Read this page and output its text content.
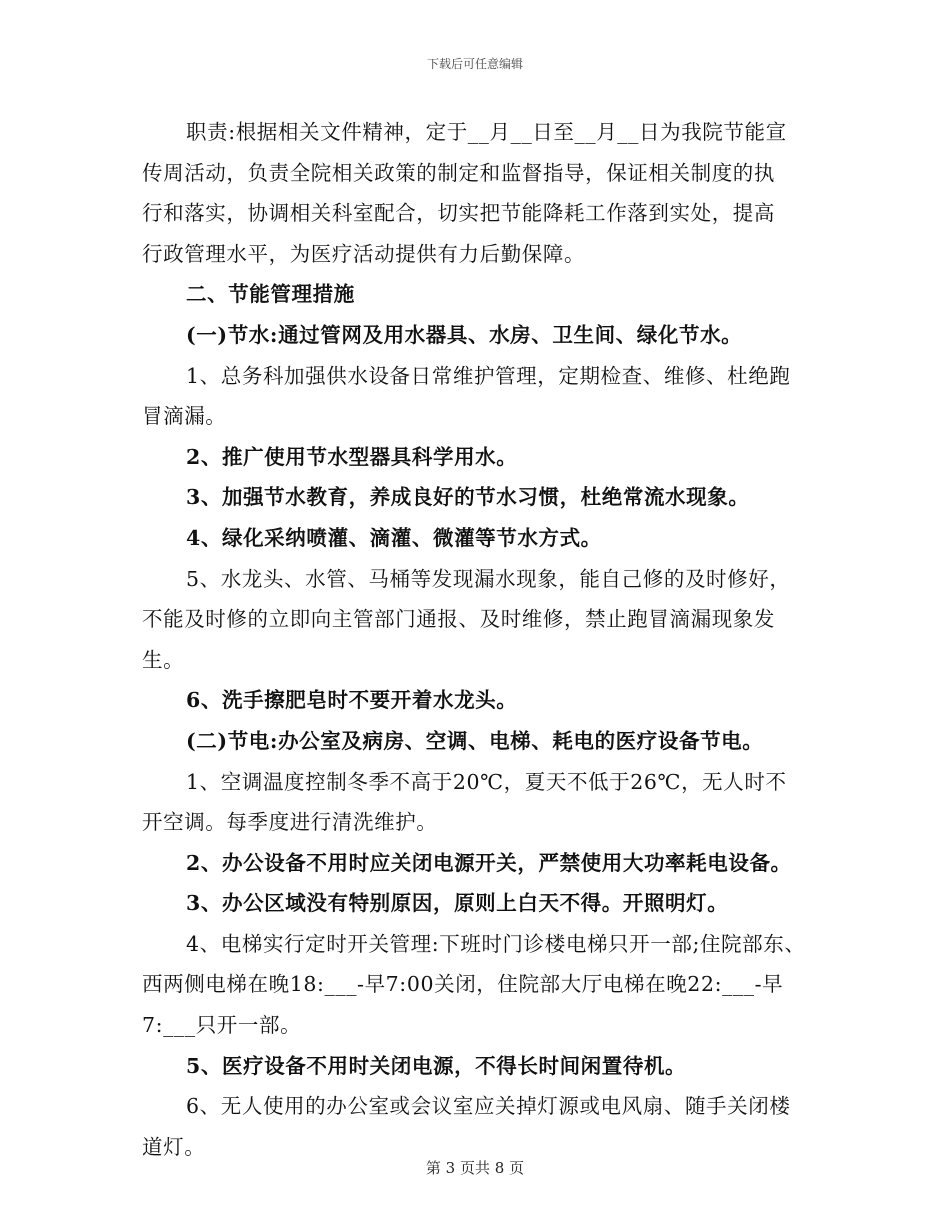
下载后可任意编辑
职责:根据相关文件精神，定于__月__日至__月__日为我院节能宣
传周活动，负责全院相关政策的制定和监督指导，保证相关制度的执
行和落实，协调相关科室配合，切实把节能降耗工作落到实处，提高
行政管理水平，为医疗活动提供有力后勤保障。
二、节能管理措施
(一)节水:通过管网及用水器具、水房、卫生间、绿化节水。
1、总务科加强供水设备日常维护管理，定期检查、维修、杜绝跑
冒滴漏。
2、推广使用节水型器具科学用水。
3、加强节水教育，养成良好的节水习惯，杜绝常流水现象。
4、绿化采纳喷灌、滴灌、微灌等节水方式。
5、水龙头、水管、马桶等发现漏水现象，能自己修的及时修好，
不能及时修的立即向主管部门通报、及时维修，禁止跑冒滴漏现象发
生。
6、洗手擦肥皂时不要开着水龙头。
(二)节电:办公室及病房、空调、电梯、耗电的医疗设备节电。
1、空调温度控制冬季不高于20℃，夏天不低于26℃，无人时不
开空调。每季度进行清洗维护。
2、办公设备不用时应关闭电源开关，严禁使用大功率耗电设备。
3、办公区域没有特别原因，原则上白天不得。开照明灯。
4、电梯实行定时开关管理:下班时门诊楼电梯只开一部;住院部东、
西两侧电梯在晚18:___-早7:00关闭，住院部大厅电梯在晚22:___-早
7:___只开一部。
5、医疗设备不用时关闭电源，不得长时间闲置待机。
6、无人使用的办公室或会议室应关掉灯源或电风扇、随手关闭楼
道灯。
第 3 页共 8 页
